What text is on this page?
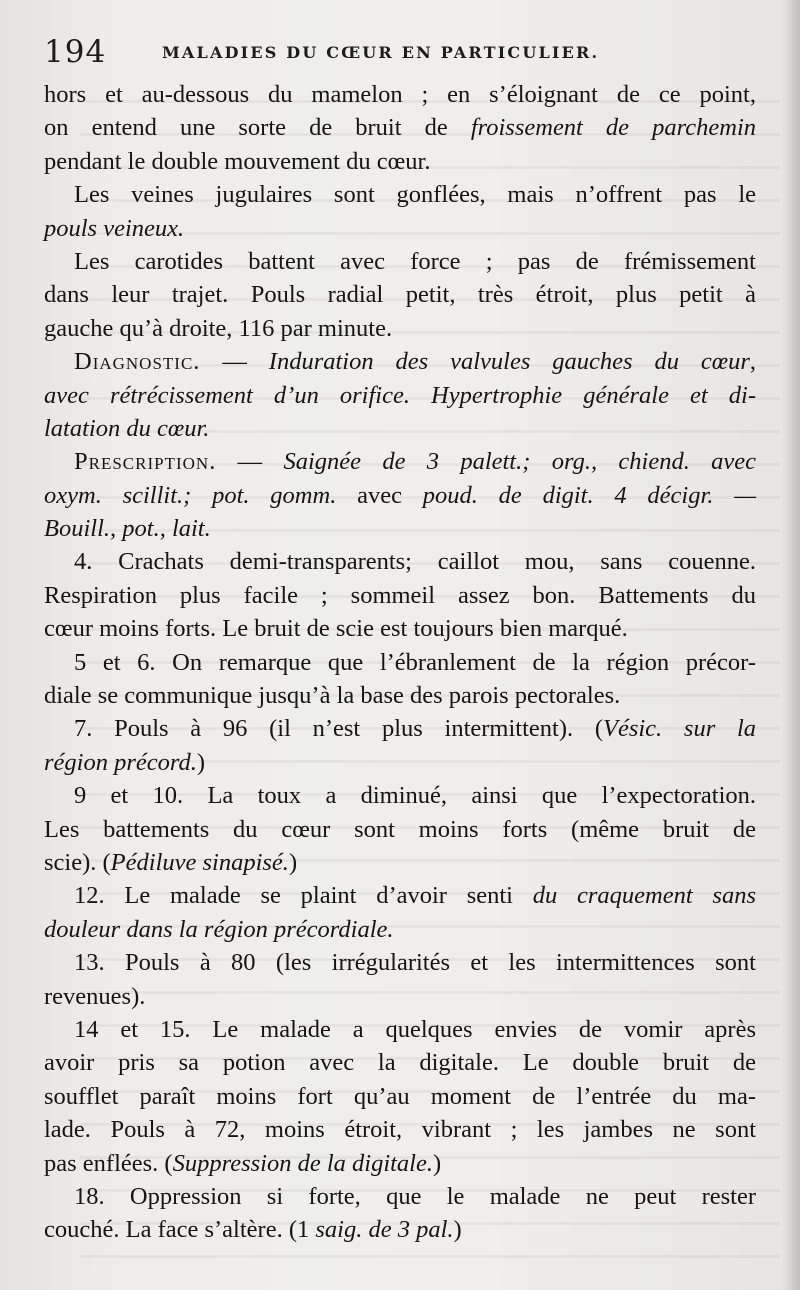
194	MALADIES DU CŒUR EN PARTICULIER.
hors et au-dessous du mamelon ; en s’éloignant de ce point,
on entend une sorte de bruit de froissement de parchemin
pendant le double mouvement du cœur.
Les veines jugulaires sont gonflées, mais n’offrent pas le
pouls veineux.
Les carotides battent avec force ; pas de frémissement
dans leur trajet. Pouls radial petit, très étroit, plus petit à
gauche qu’à droite, 116 par minute.
Diagnostic. — Induration des valvules gauches du cœur,
avec rétrécissement d’un orifice. Hypertrophie générale et di-
latation du cœur.
Prescription. — Saignée de 3 palett.; org., chiend. avec
oxym. scillit.; pot. gomm. avec poud. de digit. 4 décigr. —
Bouill., pot., lait.
4. Crachats demi-transparents; caillot mou, sans couenne.
Respiration plus facile ; sommeil assez bon. Battements du
cœur moins forts. Le bruit de scie est toujours bien marqué.
5 et 6. On remarque que l’ébranlement de la région précor-
diale se communique jusqu’à la base des parois pectorales.
7. Pouls à 96 (il n’est plus intermittent). (Vésic. sur la
région précord.)
9 et 10. La toux a diminué, ainsi que l’expectoration.
Les battements du cœur sont moins forts (même bruit de
scie). (Pédiluve sinapisé.)
12. Le malade se plaint d’avoir senti du craquement sans
douleur dans la région précordiale.
13. Pouls à 80 (les irrégularités et les intermittences sont
revenues).
14 et 15. Le malade a quelques envies de vomir après
avoir pris sa potion avec la digitale. Le double bruit de
soufflet paraît moins fort qu’au moment de l’entrée du ma-
lade. Pouls à 72, moins étroit, vibrant ; les jambes ne sont
pas enflées. (Suppression de la digitale.)
18. Oppression si forte, que le malade ne peut rester
couché. La face s’altère. (1 saig. de 3 pal.)
